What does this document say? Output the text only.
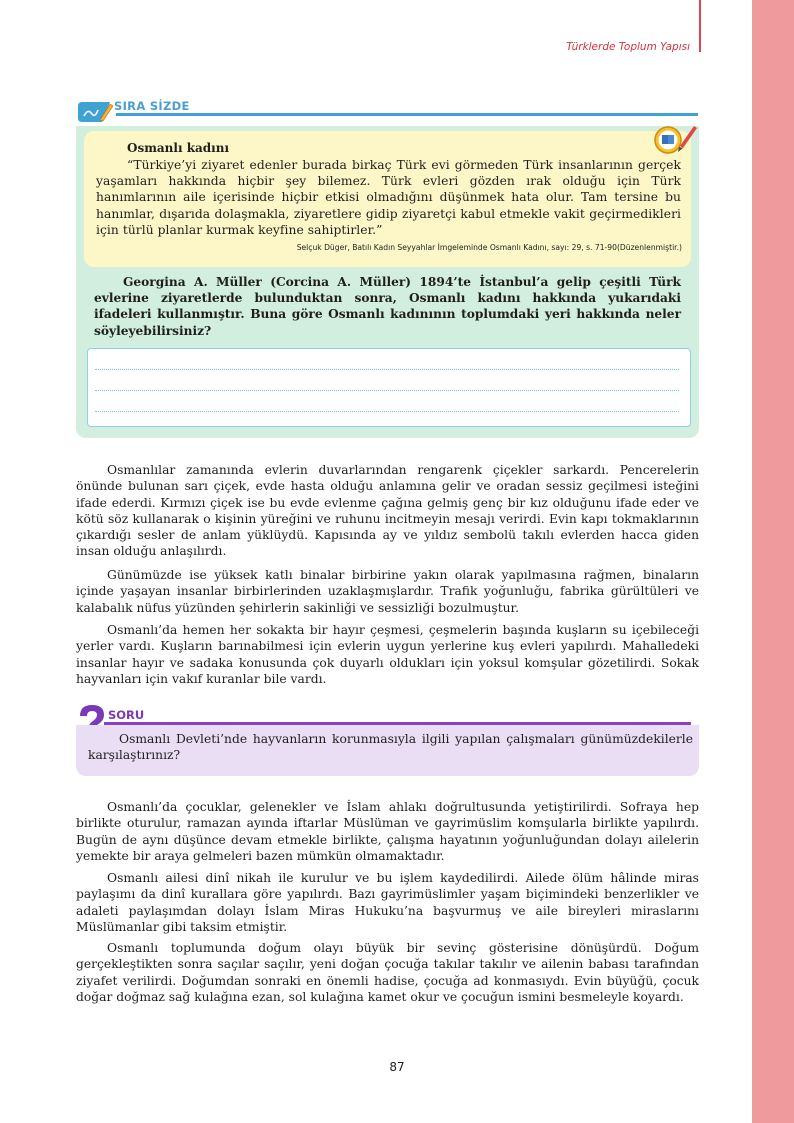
Türklerde Toplum Yapısı
SIRA SİZDE
Osmanlı kadını

“Türkiye’yi ziyaret edenler burada birkaç Türk evi görmeden Türk insanlarının gerçek yaşamları hakkında hiçbir şey bilemez. Türk evleri gözden ırak olduğu için Türk hanımlarının aile içerisinde hiçbir etkisi olmadığını düşünmek hata olur. Tam tersine bu hanımlar, dışarıda dolaşmakla, ziyaretlere gidip ziyaretçi kabul etmekle vakit geçirmedikleri için türlü planlar kurmak keyfine sahiptirler.”

Selçuk Düger, Batılı Kadın Seyyahlar İmgeleminde Osmanlı Kadını, sayı: 29, s. 71-90(Düzenlenmiştir.)

Georgina A. Müller (Corcina A. Müller) 1894’te İstanbul’a gelip çeşitli Türk evlerine ziyaretlerde bulunduktan sonra, Osmanlı kadını hakkında yukarıdaki ifadeleri kullanmıştır. Buna göre Osmanlı kadınının toplumdaki yeri hakkında neler söyleyebilirsiniz?

Osmanlılar zamanında evlerin duvarlarından rengarenk çiçekler sarkardı. Pencerelerin önünde bulunan sarı çiçek, evde hasta olduğu anlamına gelir ve oradan sessiz geçilmesi isteğini ifade ederdi. Kırmızı çiçek ise bu evde evlenme çağına gelmiş genç bir kız olduğunu ifade eder ve kötü söz kullanarak o kişinin yüreğini ve ruhunu incitmeyin mesajı verirdi. Evin kapı tokmaklarının çıkardığı sesler de anlam yüklüydü. Kapısında ay ve yıldız sembolü takılı evlerden hacca giden insan olduğu anlaşılırdı.

Günümüzde ise yüksek katlı binalar birbirine yakın olarak yapılmasına rağmen, binaların içinde yaşayan insanlar birbirlerinden uzaklaşmışlardır. Trafik yoğunluğu, fabrika gürültüleri ve kalabalık nüfus yüzünden şehirlerin sakinliği ve sessizliği bozulmuştur.

Osmanlı’da hemen her sokakta bir hayır çeşmesi, çeşmelerin başında kuşların su içebileceği yerler vardı. Kuşların barınabilmesi için evlerin uygun yerlerine kuş evleri yapılırdı. Mahalledeki insanlar hayır ve sadaka konusunda çok duyarlı oldukları için yoksul komşular gözetilirdi. Sokak hayvanları için vakıf kuranlar bile vardı.

SORU

Osmanlı Devleti’nde hayvanların korunmasıyla ilgili yapılan çalışmaları günümüzdekilerle karşılaştırınız?

Osmanlı’da çocuklar, gelenekler ve İslam ahlakı doğrultusunda yetiştirilirdi. Sofraya hep birlikte oturulur, ramazan ayında iftarlar Müslüman ve gayrimüslim komşularla birlikte yapılırdı. Bugün de aynı düşünce devam etmekle birlikte, çalışma hayatının yoğunluğundan dolayı ailelerin yemekte bir araya gelmeleri bazen mümkün olmamaktadır.

Osmanlı ailesi dinî nikah ile kurulur ve bu işlem kaydedilirdi. Ailede ölüm hâlinde miras paylaşımı da dinî kurallara göre yapılırdı. Bazı gayrimüslimler yaşam biçimindeki benzerlikler ve adaleti paylaşımdan dolayı İslam Miras Hukuku’na başvurmuş ve aile bireyleri miraslarını Müslümanlar gibi taksim etmiştir.

Osmanlı toplumunda doğum olayı büyük bir sevinç gösterisine dönüşürdü. Doğum gerçekleştikten sonra saçılar saçılır, yeni doğan çocuğa takılar takılır ve ailenin babası tarafından ziyafet verilirdi. Doğumdan sonraki en önemli hadise, çocuğa ad konmasıydı. Evin büyüğü, çocuk doğar doğmaz sağ kulağına ezan, sol kulağına kamet okur ve çocuğun ismini besmeleyle koyardı.

87
